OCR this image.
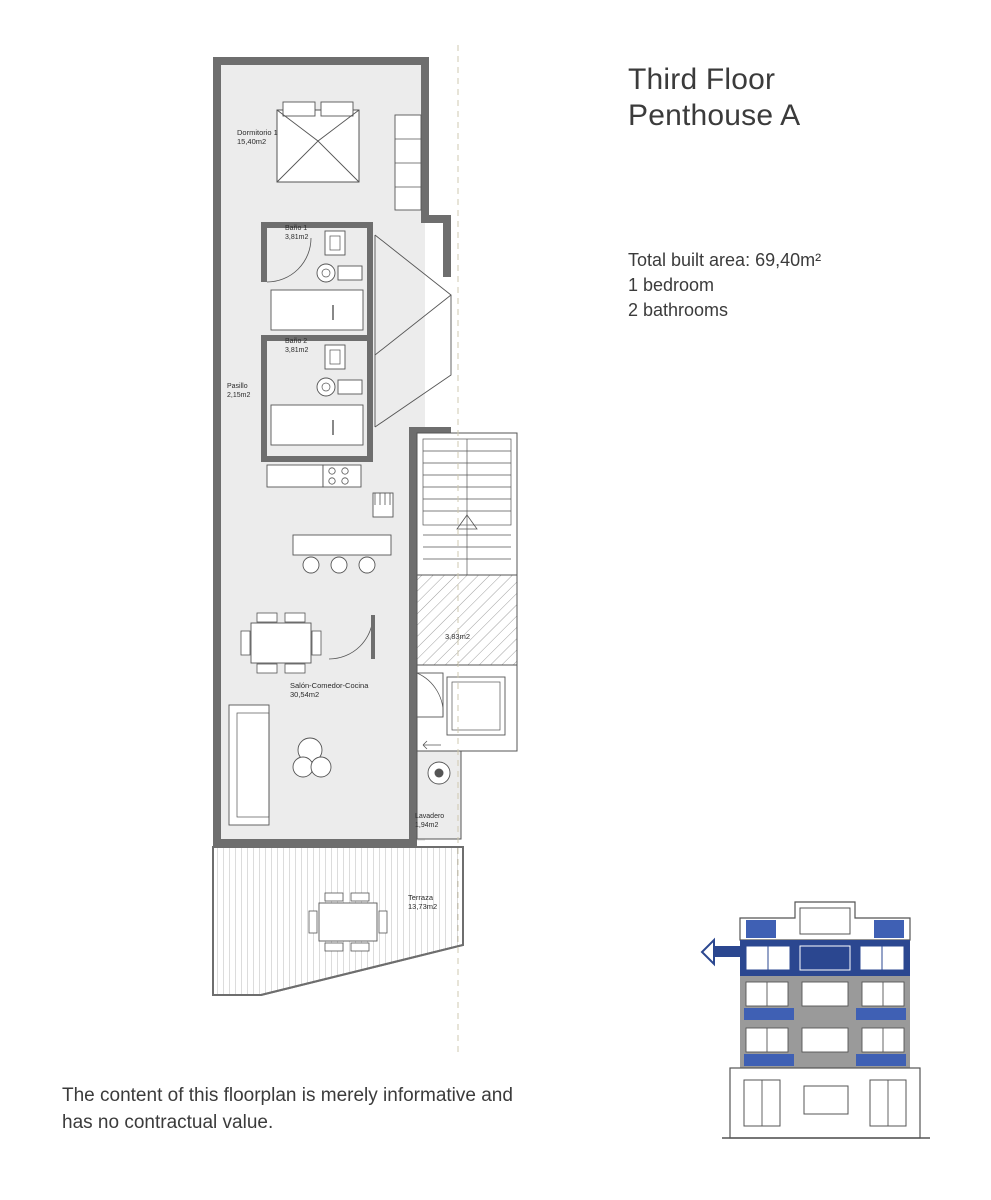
Third Floor
Penthouse A
Total built area: 69,40m²
1 bedroom
2 bathrooms
The content of this floorplan is merely informative and
has no contractual value.
Dormitorio 1
15,40m2
Baño 1
3,81m2
Baño 2
3,81m2
Pasillo
2,15m2
Salón-Comedor-Cocina
30,54m2
Lavadero
1,94m2
Terraza
13,73m2
3,83m2
